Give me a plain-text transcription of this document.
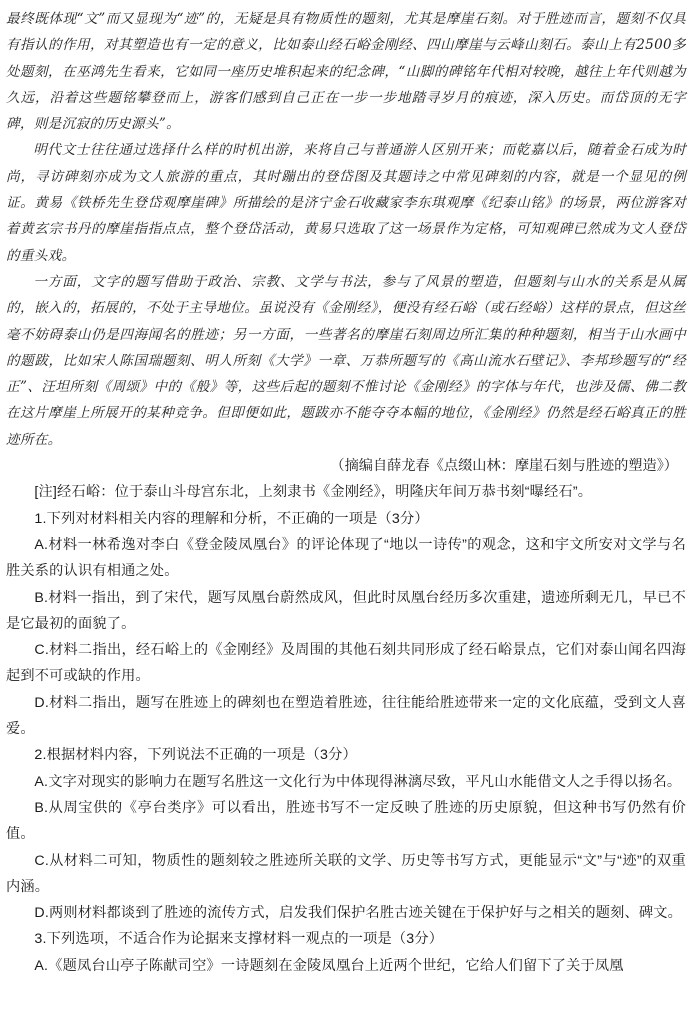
最终既体现“文”而又显现为“迹”的，无疑是具有物质性的题刻，尤其是摩崖石刻。对于胜迹而言，题刻不仅具有指认的作用，对其塑造也有一定的意义，比如泰山经石峪金刚经、四山摩崖与云峰山刻石。泰山上有2500多处题刻，在巫鸿先生看来，它如同一座历史堆积起来的纪念碑，“山脚的碑铭年代相对较晚，越往上年代则越为久远，沿着这些题铭攀登而上，游客们感到自己正在一步一步地踏寻岁月的痕迹，深入历史。而岱顶的无字碑，则是沉寂的历史源头”。

明代文士往往通过选择什么样的时机出游，来将自己与普通游人区别开来；而乾嘉以后，随着金石成为时尚，寻访碑刻亦成为文人旅游的重点，其时蹦出的登岱图及其题诗之中常见碑刻的内容，就是一个显见的例证。黄易《铁桥先生登岱观摩崖碑》所描绘的是济宁金石收藏家李东琪观摩《纪泰山铭》的场景，两位游客对着黄玄宗书丹的摩崖指指点点，整个登岱活动，黄易只选取了这一场景作为定格，可知观碑已然成为文人登岱的重头戏。

一方面，文字的题写借助于政治、宗教、文学与书法，参与了风景的塑造，但题刻与山水的关系是从属的，嵌入的，拓展的，不处于主导地位。虽说没有《金刚经》，便没有经石峪（或石经峪）这样的景点，但这丝毫不妨碍泰山仍是四海闻名的胜迹；另一方面，一些著名的摩崖石刻周边所汇集的种种题刻，相当于山水画中的题跋，比如宋人陈国瑞题刻、明人所刻《大学》一章、万恭所题写的《高山流水石壁记》、李邦珍题写的“经正”、汪坦所刻《周颂》中的《般》等，这些后起的题刻不惟讨论《金刚经》的字体与年代，也涉及儒、佛二教在这片摩崖上所展开的某种竞争。但即便如此，题跋亦不能夺夺本幅的地位，《金刚经》仍然是经石峪真正的胜迹所在。

（摘编自薛龙春《点缀山林：摩崖石刻与胜迹的塑造》）

[注]经石峪：位于泰山斗母宫东北，上刻隶书《金刚经》，明隆庆年间万恭书刻“曝经石”。

1.下列对材料相关内容的理解和分析，不正确的一项是（3分）

A.材料一林希逸对李白《登金陵凤凰台》的评论体现了“地以一诗传”的观念，这和宇文所安对文学与名胜关系的认识有相通之处。

B.材料一指出，到了宋代，题写凤凰台蔚然成风，但此时凤凰台经历多次重建，遗迹所剩无几，早已不是它最初的面貌了。

C.材料二指出，经石峪上的《金刚经》及周围的其他石刻共同形成了经石峪景点，它们对泰山闻名四海起到不可或缺的作用。

D.材料二指出，题写在胜迹上的碑刻也在塑造着胜迹，往往能给胜迹带来一定的文化底蕴，受到文人喜爱。

2.根据材料内容，下列说法不正确的一项是（3分）

A.文字对现实的影响力在题写名胜这一文化行为中体现得淋漓尽致，平凡山水能借文人之手得以扬名。

B.从周宝供的《亭台类序》可以看出，胜迹书写不一定反映了胜迹的历史原貌，但这种书写仍然有价值。

C.从材料二可知，物质性的题刻较之胜迹所关联的文学、历史等书写方式，更能显示“文”与“迹”的双重内涵。

D.两则材料都谈到了胜迹的流传方式，启发我们保护名胜古迹关键在于保护好与之相关的题刻、碑文。

3.下列选项，不适合作为论据来支撑材料一观点的一项是（3分）

A.《题凤台山亭子陈献司空》一诗题刻在金陵凤凰台上近两个世纪，它给人们留下了关于凤凰
